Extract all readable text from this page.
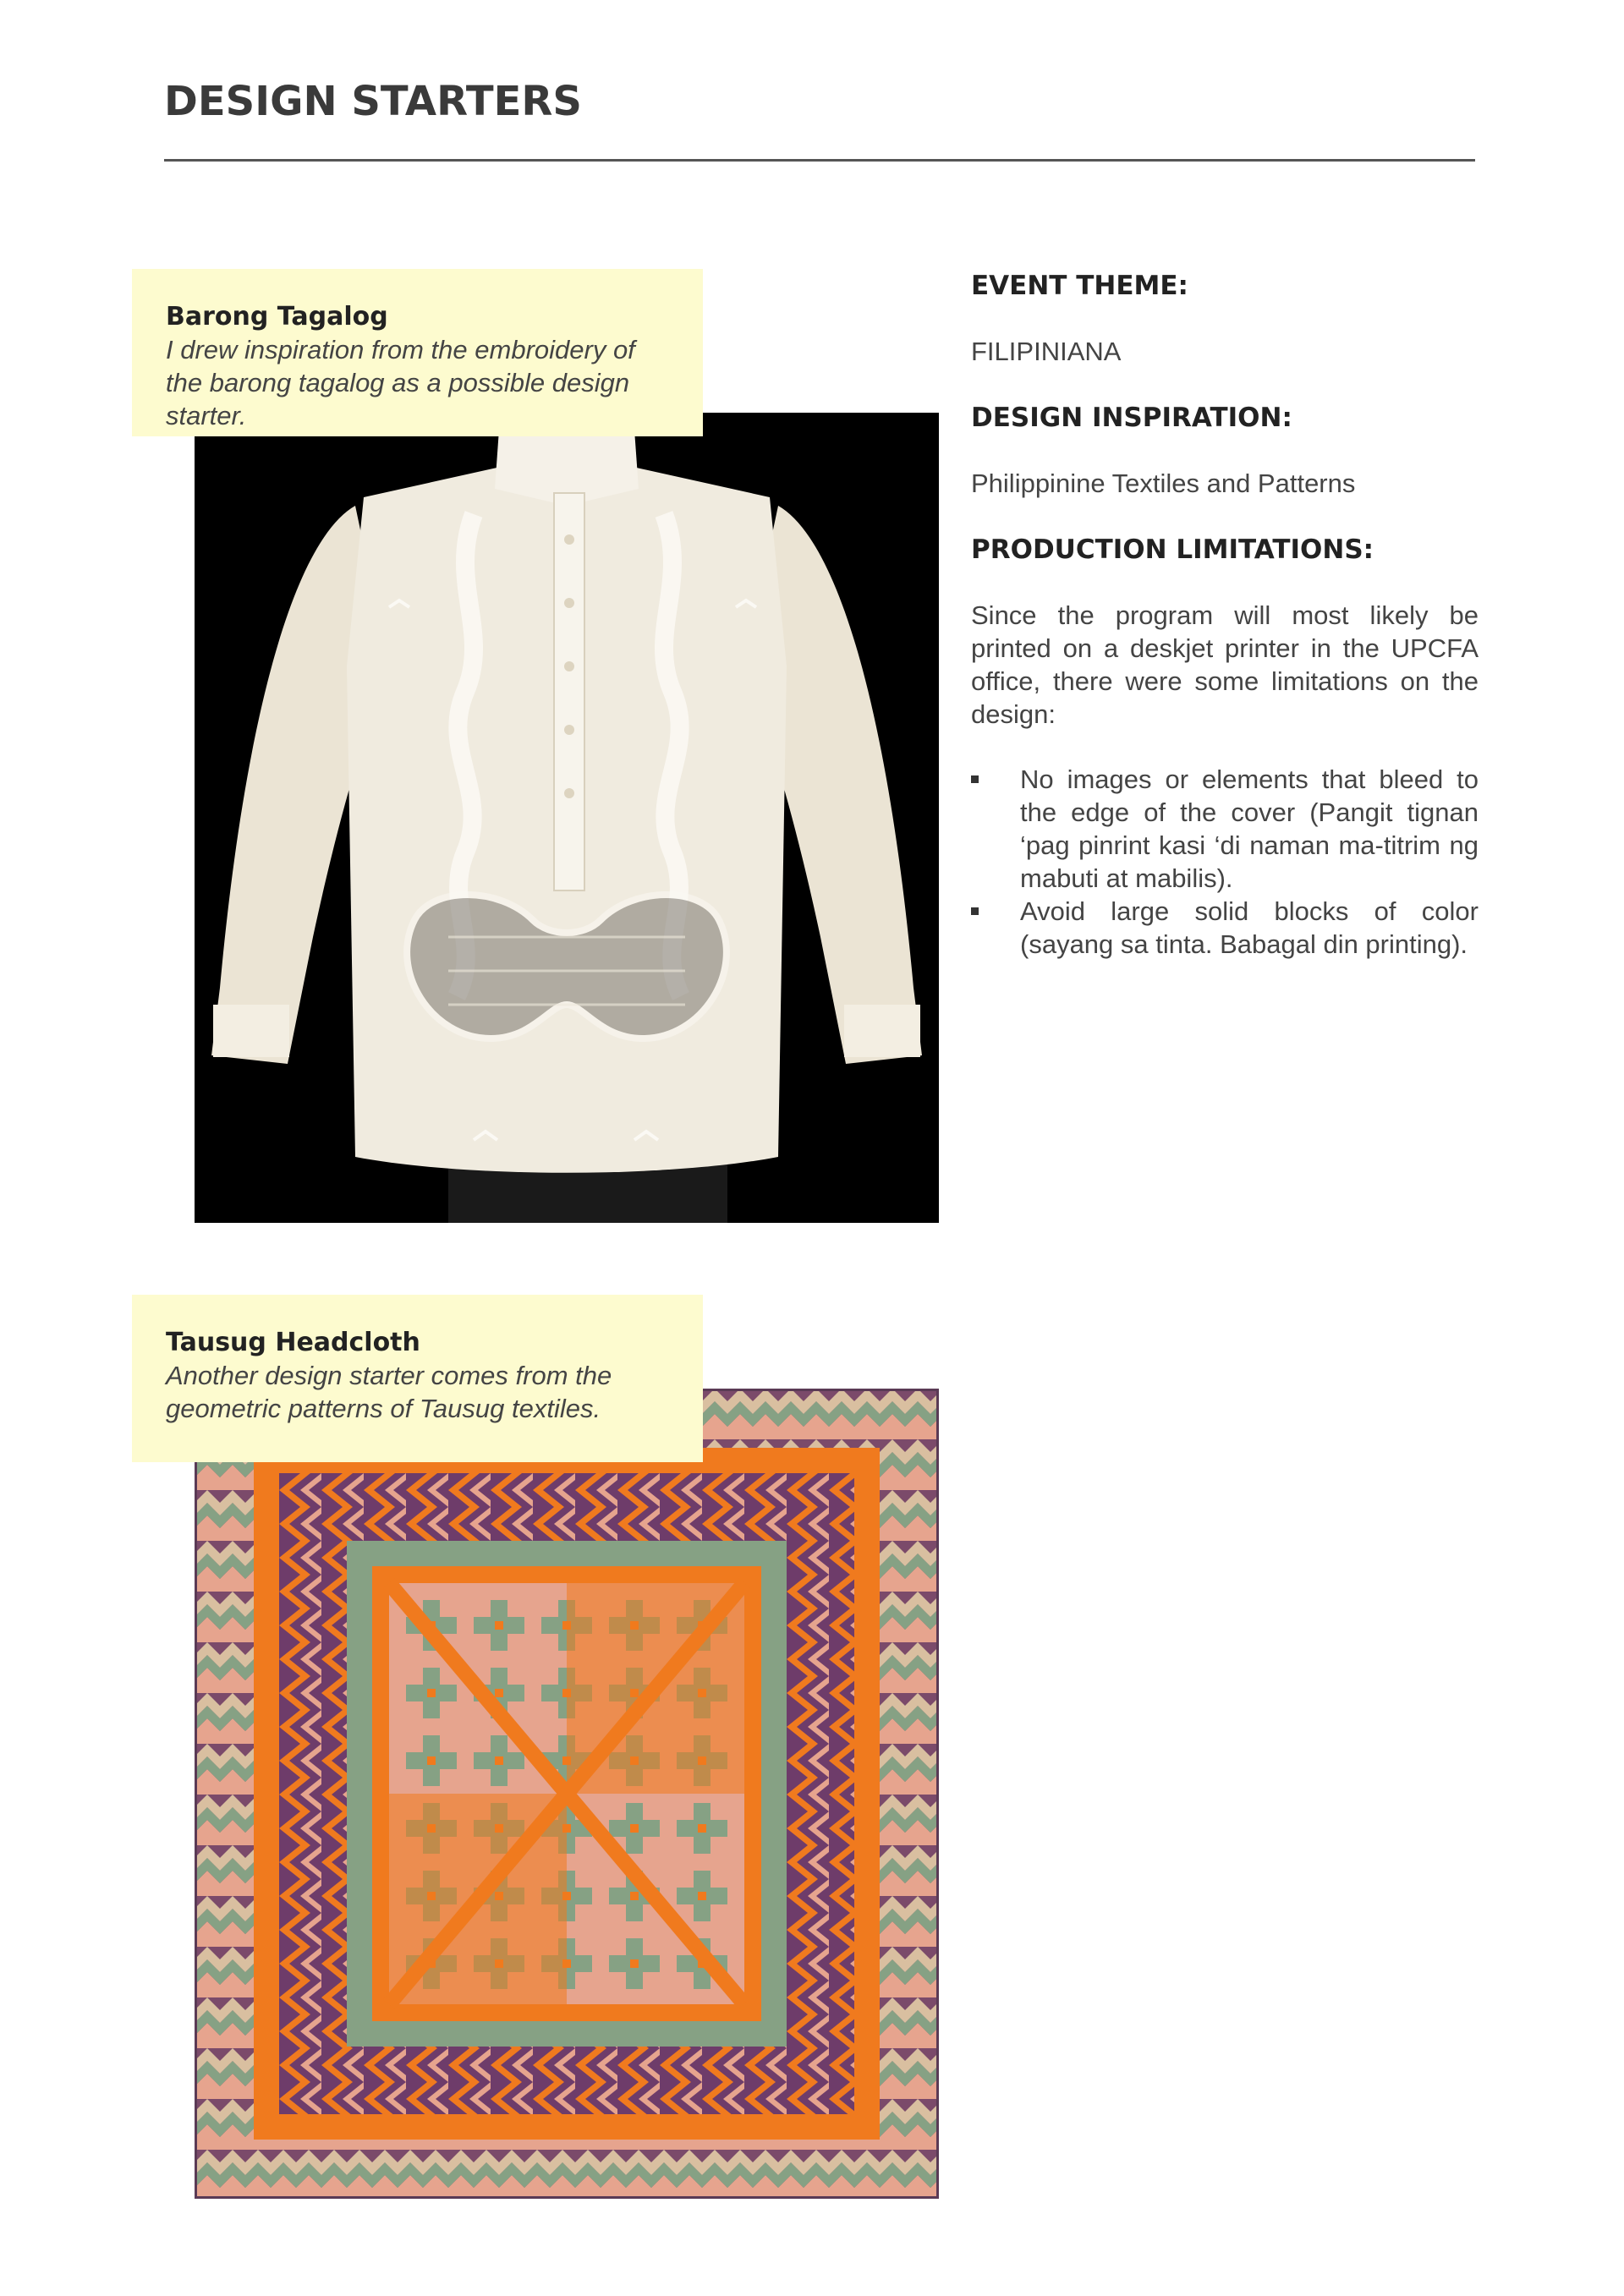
DESIGN STARTERS
Barong Tagalog
I drew inspiration from the embroidery of the barong tagalog as a possible design starter.
Tausug Headcloth
Another design starter comes from the geometric patterns of Tausug textiles.

EVENT THEME:

FILIPINIANA

DESIGN INSPIRATION:

Philippinine Textiles and Patterns

PRODUCTION LIMITATIONS:

Since the program will most likely be printed on a deskjet printer in the UPCFA office, there were some limitations on the design:

No images or elements that bleed to the edge of the cover (Pangit tignan ‘pag pinrint kasi ‘di naman ma-titrim ng mabuti at mabilis).
Avoid large solid blocks of color (sayang sa tinta. Babagal din printing).
